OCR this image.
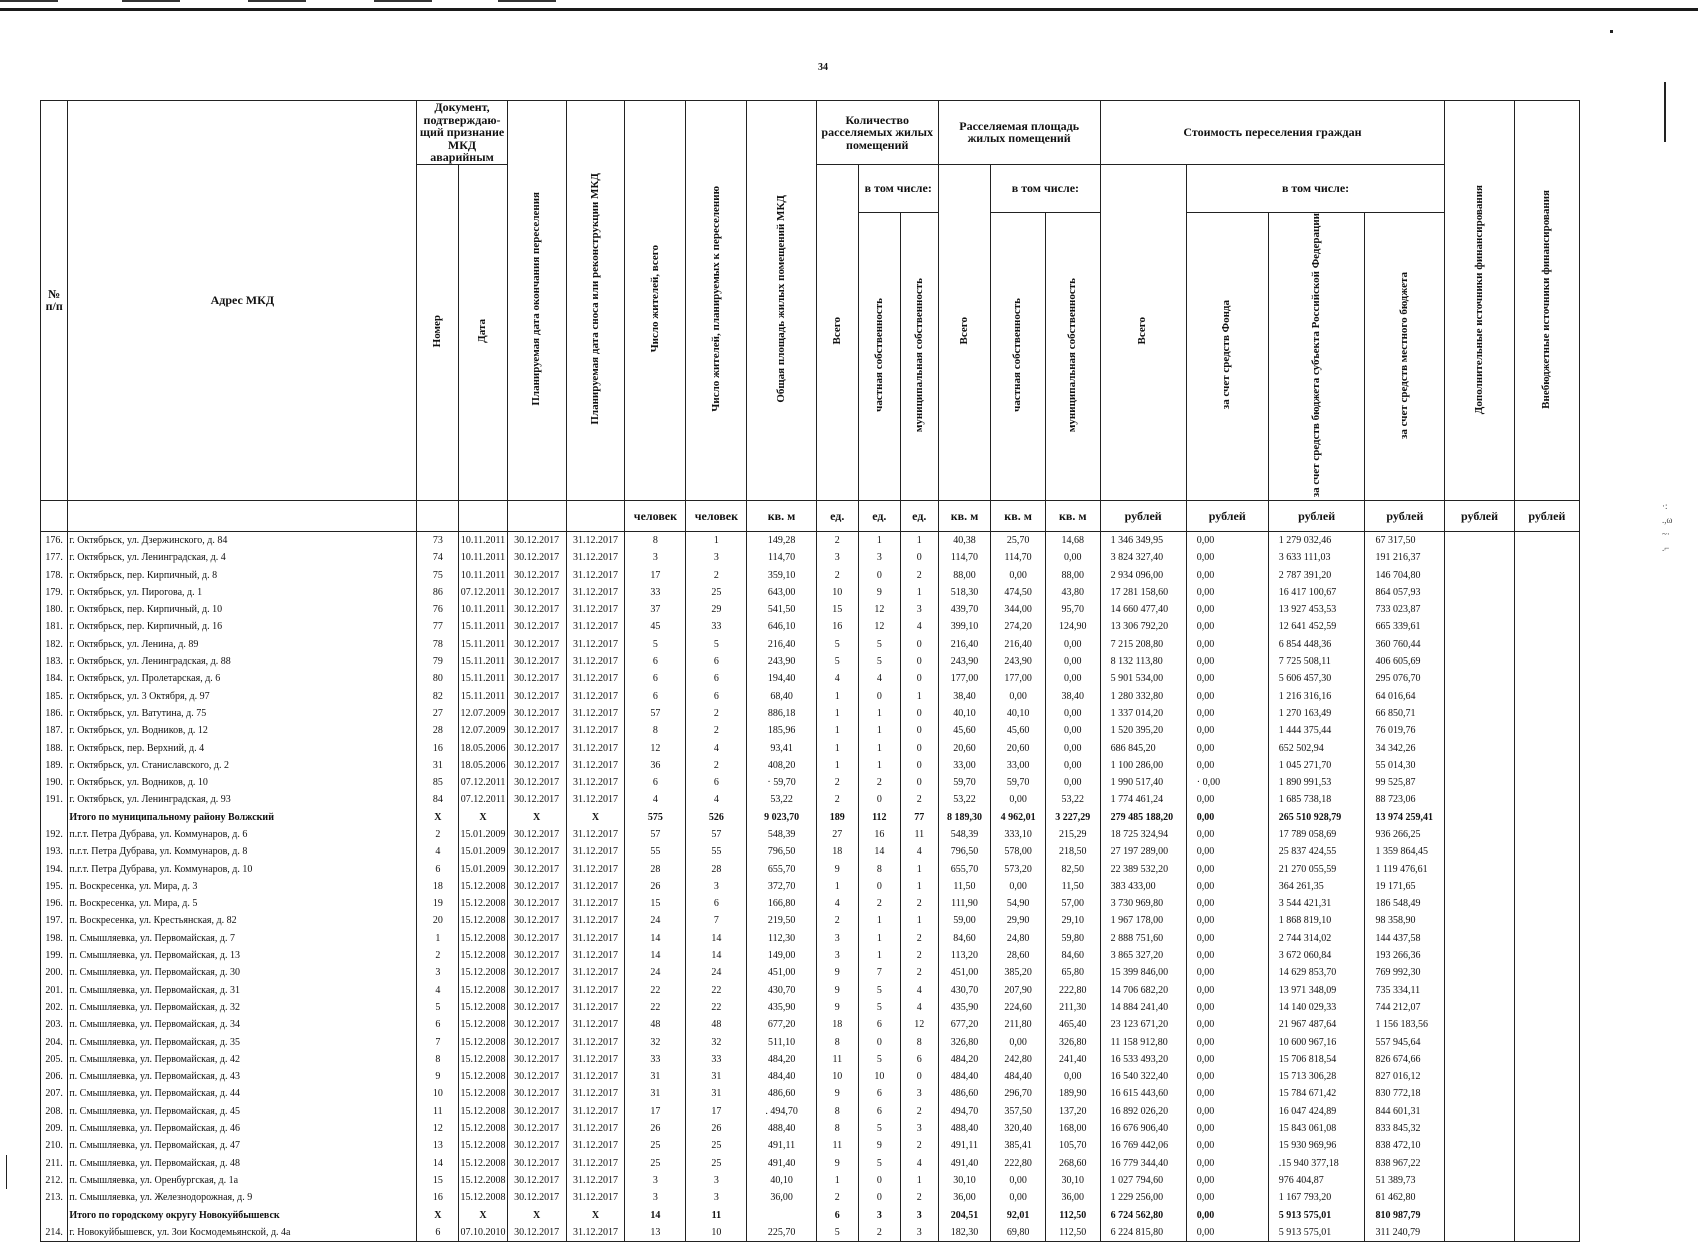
34
№ п/п	Адрес МКД	Документ, подтверждаю-щий признание МКД аварийным		Планируемая дата окончания переселения	Планируемая дата сноса или реконструкции МКД	Число жителей, всего	Число жителей, планируемых к переселению	Общая площадь жилых помещений МКД	Количество расселяемых жилых помещений			Расселяемая площадь жилых помещений			Стоимость переселения граждан				Дополнительные источники финансирования	Внебюджетные источники финансирования
		Номер	Дата						Всего	в том числе:		Всего	в том числе:		Всего	в том числе:				
										частная собственность	муниципальная собственность		частная собственность	муниципальная собственность		за счет средств Фонда	за счет средств бюджета субъекта Российской Федерации	за счет средств местного бюджета		
						человек	человек	кв. м	ед.	ед.	ед.	кв. м	кв. м	кв. м	рублей	рублей	рублей	рублей	рублей	рублей
176.	г. Октябрьск, ул. Дзержинского, д. 84	73	10.11.2011	30.12.2017	31.12.2017	8	1	149,28	2	1	1	40,38	25,70	14,68	1 346 349,95	0,00	1 279 032,46	67 317,50		
177.	г. Октябрьск, ул. Ленинградская, д. 4	74	10.11.2011	30.12.2017	31.12.2017	3	3	114,70	3	3	0	114,70	114,70	0,00	3 824 327,40	0,00	3 633 111,03	191 216,37		
178.	г. Октябрьск, пер. Кирпичный, д. 8	75	10.11.2011	30.12.2017	31.12.2017	17	2	359,10	2	0	2	88,00	0,00	88,00	2 934 096,00	0,00	2 787 391,20	146 704,80		
179.	г. Октябрьск, ул. Пирогова, д. 1	86	07.12.2011	30.12.2017	31.12.2017	33	25	643,00	10	9	1	518,30	474,50	43,80	17 281 158,60	0,00	16 417 100,67	864 057,93		
180.	г. Октябрьск, пер. Кирпичный, д. 10	76	10.11.2011	30.12.2017	31.12.2017	37	29	541,50	15	12	3	439,70	344,00	95,70	14 660 477,40	0,00	13 927 453,53	733 023,87		
181.	г. Октябрьск, пер. Кирпичный, д. 16	77	15.11.2011	30.12.2017	31.12.2017	45	33	646,10	16	12	4	399,10	274,20	124,90	13 306 792,20	0,00	12 641 452,59	665 339,61		
182.	г. Октябрьск, ул. Ленина, д. 89	78	15.11.2011	30.12.2017	31.12.2017	5	5	216,40	5	5	0	216,40	216,40	0,00	7 215 208,80	0,00	6 854 448,36	360 760,44		
183.	г. Октябрьск, ул. Ленинградская, д. 88	79	15.11.2011	30.12.2017	31.12.2017	6	6	243,90	5	5	0	243,90	243,90	0,00	8 132 113,80	0,00	7 725 508,11	406 605,69		
184.	г. Октябрьск, ул. Пролетарская, д. 6	80	15.11.2011	30.12.2017	31.12.2017	6	6	194,40	4	4	0	177,00	177,00	0,00	5 901 534,00	0,00	5 606 457,30	295 076,70		
185.	г. Октябрьск, ул. 3 Октября, д. 97	82	15.11.2011	30.12.2017	31.12.2017	6	6	68,40	1	0	1	38,40	0,00	38,40	1 280 332,80	0,00	1 216 316,16	64 016,64		
186.	г. Октябрьск, ул. Ватутина, д. 75	27	12.07.2009	30.12.2017	31.12.2017	57	2	886,18	1	1	0	40,10	40,10	0,00	1 337 014,20	0,00	1 270 163,49	66 850,71		
187.	г. Октябрьск, ул. Водников, д. 12	28	12.07.2009	30.12.2017	31.12.2017	8	2	185,96	1	1	0	45,60	45,60	0,00	1 520 395,20	0,00	1 444 375,44	76 019,76		
188.	г. Октябрьск, пер. Верхний, д. 4	16	18.05.2006	30.12.2017	31.12.2017	12	4	93,41	1	1	0	20,60	20,60	0,00	686 845,20	0,00	652 502,94	34 342,26		
189.	г. Октябрьск, ул. Станиславского, д. 2	31	18.05.2006	30.12.2017	31.12.2017	36	2	408,20	1	1	0	33,00	33,00	0,00	1 100 286,00	0,00	1 045 271,70	55 014,30		
190.	г. Октябрьск, ул. Водников, д. 10	85	07.12.2011	30.12.2017	31.12.2017	6	6	· 59,70	2	2	0	59,70	59,70	0,00	1 990 517,40	· 0,00	1 890 991,53	99 525,87		
191.	г. Октябрьск, ул. Ленинградская, д. 93	84	07.12.2011	30.12.2017	31.12.2017	4	4	53,22	2	0	2	53,22	0,00	53,22	1 774 461,24	0,00	1 685 738,18	88 723,06		
	Итого по муниципальному району Волжский	X	X	X	X	575	526	9 023,70	189	112	77	8 189,30	4 962,01	3 227,29	279 485 188,20	0,00	265 510 928,79	13 974 259,41		
192.	п.г.т. Петра Дубрава, ул. Коммунаров, д. 6	2	15.01.2009	30.12.2017	31.12.2017	57	57	548,39	27	16	11	548,39	333,10	215,29	18 725 324,94	0,00	17 789 058,69	936 266,25		
193.	п.г.т. Петра Дубрава, ул. Коммунаров, д. 8	4	15.01.2009	30.12.2017	31.12.2017	55	55	796,50	18	14	4	796,50	578,00	218,50	27 197 289,00	0,00	25 837 424,55	1 359 864,45		
194.	п.г.т. Петра Дубрава, ул. Коммунаров, д. 10	6	15.01.2009	30.12.2017	31.12.2017	28	28	655,70	9	8	1	655,70	573,20	82,50	22 389 532,20	0,00	21 270 055,59	1 119 476,61		
195.	п. Воскресенка, ул. Мира, д. 3	18	15.12.2008	30.12.2017	31.12.2017	26	3	372,70	1	0	1	11,50	0,00	11,50	383 433,00	0,00	364 261,35	19 171,65		
196.	п. Воскресенка, ул. Мира, д. 5	19	15.12.2008	30.12.2017	31.12.2017	15	6	166,80	4	2	2	111,90	54,90	57,00	3 730 969,80	0,00	3 544 421,31	186 548,49		
197.	п. Воскресенка, ул. Крестьянская, д. 82	20	15.12.2008	30.12.2017	31.12.2017	24	7	219,50	2	1	1	59,00	29,90	29,10	1 967 178,00	0,00	1 868 819,10	98 358,90		
198.	п. Смышляевка, ул. Первомайская, д. 7	1	15.12.2008	30.12.2017	31.12.2017	14	14	112,30	3	1	2	84,60	24,80	59,80	2 888 751,60	0,00	2 744 314,02	144 437,58		
199.	п. Смышляевка, ул. Первомайская, д. 13	2	15.12.2008	30.12.2017	31.12.2017	14	14	149,00	3	1	2	113,20	28,60	84,60	3 865 327,20	0,00	3 672 060,84	193 266,36		
200.	п. Смышляевка, ул. Первомайская, д. 30	3	15.12.2008	30.12.2017	31.12.2017	24	24	451,00	9	7	2	451,00	385,20	65,80	15 399 846,00	0,00	14 629 853,70	769 992,30		
201.	п. Смышляевка, ул. Первомайская, д. 31	4	15.12.2008	30.12.2017	31.12.2017	22	22	430,70	9	5	4	430,70	207,90	222,80	14 706 682,20	0,00	13 971 348,09	735 334,11		
202.	п. Смышляевка, ул. Первомайская, д. 32	5	15.12.2008	30.12.2017	31.12.2017	22	22	435,90	9	5	4	435,90	224,60	211,30	14 884 241,40	0,00	14 140 029,33	744 212,07		
203.	п. Смышляевка, ул. Первомайская, д. 34	6	15.12.2008	30.12.2017	31.12.2017	48	48	677,20	18	6	12	677,20	211,80	465,40	23 123 671,20	0,00	21 967 487,64	1 156 183,56		
204.	п. Смышляевка, ул. Первомайская, д. 35	7	15.12.2008	30.12.2017	31.12.2017	32	32	511,10	8	0	8	326,80	0,00	326,80	11 158 912,80	0,00	10 600 967,16	557 945,64		
205.	п. Смышляевка, ул. Первомайская, д. 42	8	15.12.2008	30.12.2017	31.12.2017	33	33	484,20	11	5	6	484,20	242,80	241,40	16 533 493,20	0,00	15 706 818,54	826 674,66		
206.	п. Смышляевка, ул. Первомайская, д. 43	9	15.12.2008	30.12.2017	31.12.2017	31	31	484,40	10	10	0	484,40	484,40	0,00	16 540 322,40	0,00	15 713 306,28	827 016,12		
207.	п. Смышляевка, ул. Первомайская, д. 44	10	15.12.2008	30.12.2017	31.12.2017	31	31	486,60	9	6	3	486,60	296,70	189,90	16 615 443,60	0,00	15 784 671,42	830 772,18		
208.	п. Смышляевка, ул. Первомайская, д. 45	11	15.12.2008	30.12.2017	31.12.2017	17	17	. 494,70	8	6	2	494,70	357,50	137,20	16 892 026,20	0,00	16 047 424,89	844 601,31		
209.	п. Смышляевка, ул. Первомайская, д. 46	12	15.12.2008	30.12.2017	31.12.2017	26	26	488,40	8	5	3	488,40	320,40	168,00	16 676 906,40	0,00	15 843 061,08	833 845,32		
210.	п. Смышляевка, ул. Первомайская, д. 47	13	15.12.2008	30.12.2017	31.12.2017	25	25	491,11	11	9	2	491,11	385,41	105,70	16 769 442,06	0,00	15 930 969,96	838 472,10		
211.	п. Смышляевка, ул. Первомайская, д. 48	14	15.12.2008	30.12.2017	31.12.2017	25	25	491,40	9	5	4	491,40	222,80	268,60	16 779 344,40	0,00	.15 940 377,18	838 967,22		
212.	п. Смышляевка, ул. Оренбургская, д. 1а	15	15.12.2008	30.12.2017	31.12.2017	3	3	40,10	1	0	1	30,10	0,00	30,10	1 027 794,60	0,00	976 404,87	51 389,73		
213.	п. Смышляевка, ул. Железнодорожная, д. 9	16	15.12.2008	30.12.2017	31.12.2017	3	3	36,00	2	0	2	36,00	0,00	36,00	1 229 256,00	0,00	1 167 793,20	61 462,80		
	Итого по городскому округу Новокуйбышевск	X	X	X	X	14	11		6	3	3	204,51	92,01	112,50	6 724 562,80	0,00	5 913 575,01	810 987,79		
214.	г. Новокуйбышевск, ул. Зои Космодемьянской, д. 4а	6	07.10.2010	30.12.2017	31.12.2017	13	10	225,70	5	2	3	182,30	69,80	112,50	6 224 815,80	0,00	5 913 575,01	311 240,79		
·:
.,ω
~·
.⌐
